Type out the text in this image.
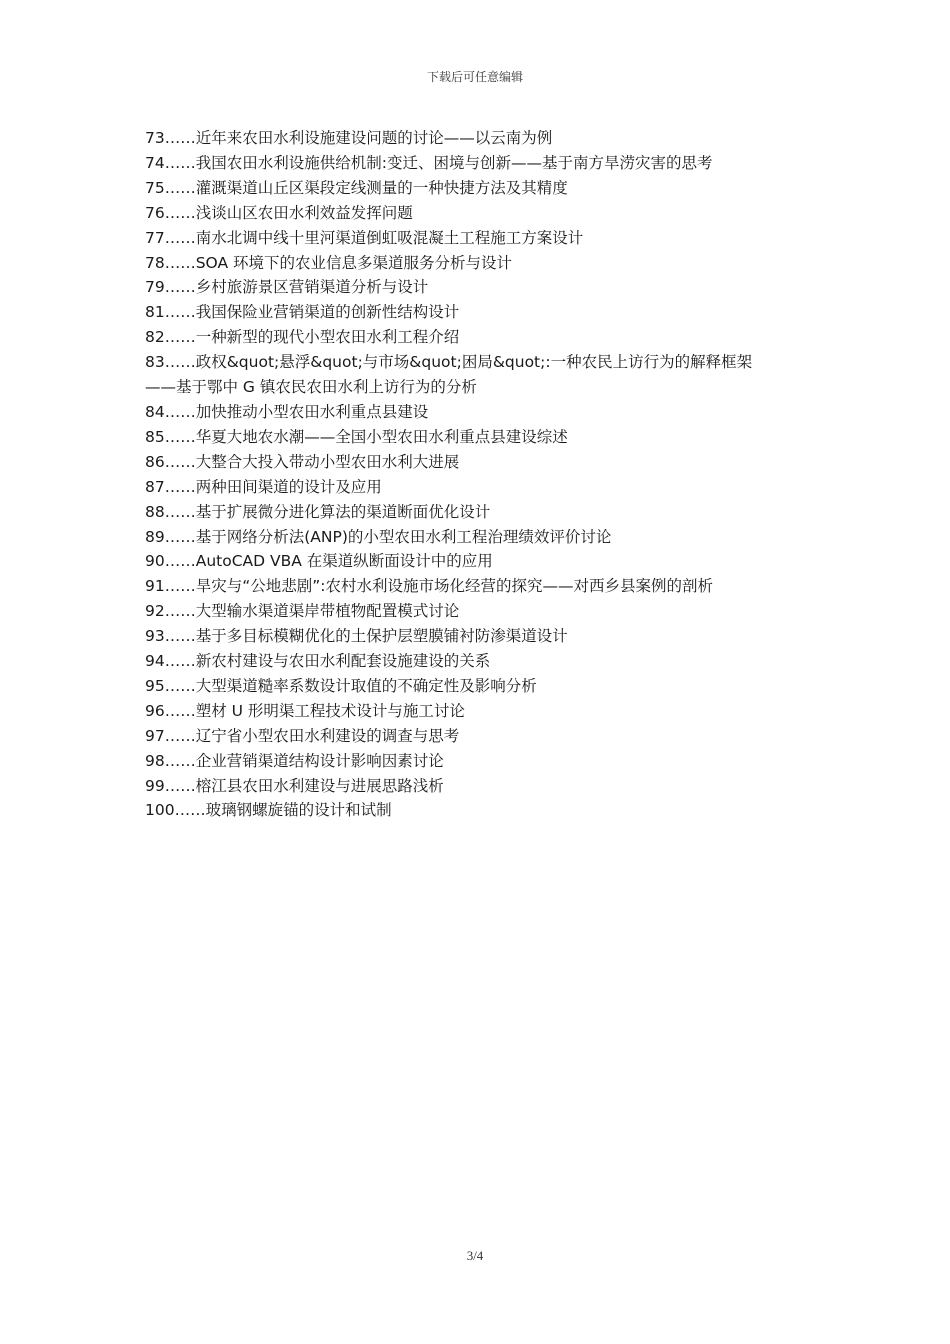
下载后可任意编辑
73……近年来农田水利设施建设问题的讨论——以云南为例
74……我国农田水利设施供给机制:变迁、困境与创新——基于南方旱涝灾害的思考
75……灌溉渠道山丘区渠段定线测量的一种快捷方法及其精度
76……浅谈山区农田水利效益发挥问题
77……南水北调中线十里河渠道倒虹吸混凝土工程施工方案设计
78……SOA 环境下的农业信息多渠道服务分析与设计
79……乡村旅游景区营销渠道分析与设计
81……我国保险业营销渠道的创新性结构设计
82……一种新型的现代小型农田水利工程介绍
83……政权&quot;悬浮&quot;与市场&quot;困局&quot;:一种农民上访行为的解释框架
——基于鄂中 G 镇农民农田水利上访行为的分析
84……加快推动小型农田水利重点县建设
85……华夏大地农水潮——全国小型农田水利重点县建设综述
86……大整合大投入带动小型农田水利大进展
87……两种田间渠道的设计及应用
88……基于扩展微分进化算法的渠道断面优化设计
89……基于网络分析法(ANP)的小型农田水利工程治理绩效评价讨论
90……AutoCAD VBA 在渠道纵断面设计中的应用
91……旱灾与“公地悲剧”:农村水利设施市场化经营的探究——对西乡县案例的剖析
92……大型输水渠道渠岸带植物配置模式讨论
93……基于多目标模糊优化的土保护层塑膜铺衬防渗渠道设计
94……新农村建设与农田水利配套设施建设的关系
95……大型渠道糙率系数设计取值的不确定性及影响分析
96……塑材 U 形明渠工程技术设计与施工讨论
97……辽宁省小型农田水利建设的调查与思考
98……企业营销渠道结构设计影响因素讨论
99……榕江县农田水利建设与进展思路浅析
100……玻璃钢螺旋锚的设计和试制
3/4
